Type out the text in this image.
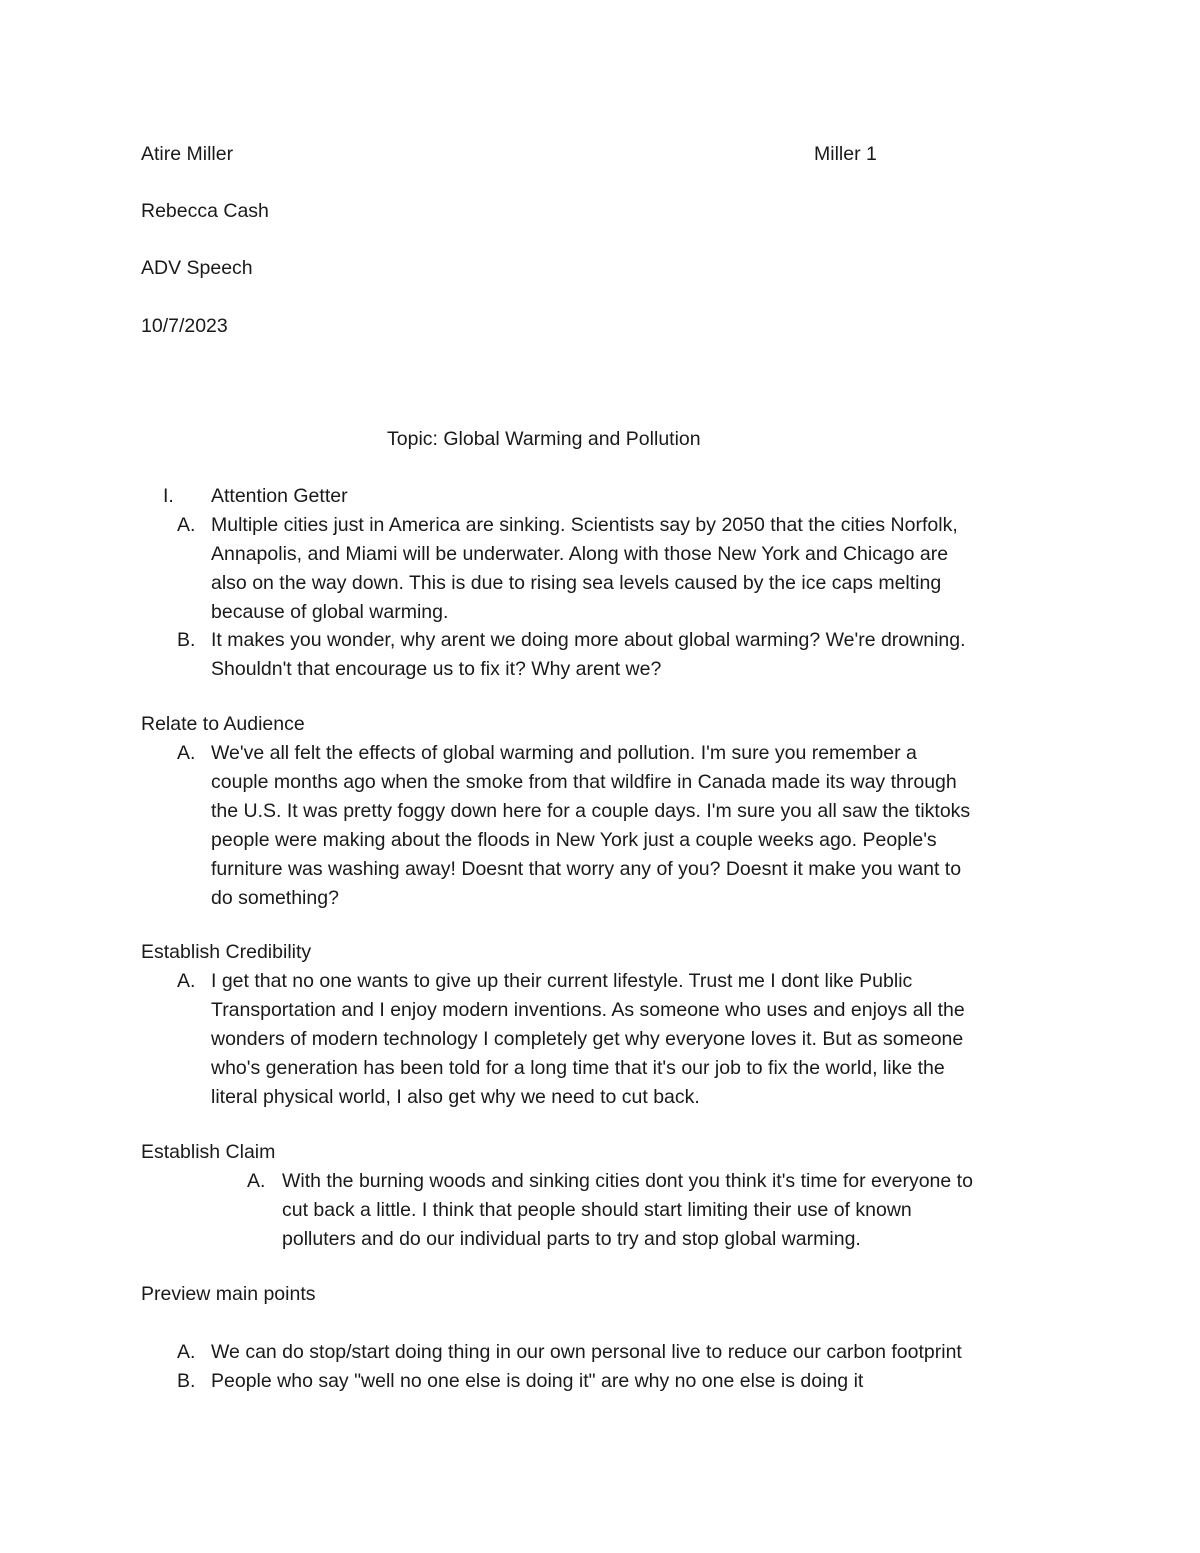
Atire Miller	Miller 1
Rebecca Cash
ADV Speech
10/7/2023
Topic: Global Warming and Pollution
I. Attention Getter
A. Multiple cities just in America are sinking. Scientists say by 2050 that the cities Norfolk,
Annapolis, and Miami will be underwater. Along with those New York and Chicago are
also on the way down. This is due to rising sea levels caused by the ice caps melting
because of global warming.
B. It makes you wonder, why arent we doing more about global warming? We're drowning.
Shouldn't that encourage us to fix it? Why arent we?
Relate to Audience
A. We've all felt the effects of global warming and pollution. I'm sure you remember a
couple months ago when the smoke from that wildfire in Canada made its way through
the U.S. It was pretty foggy down here for a couple days. I'm sure you all saw the tiktoks
people were making about the floods in New York just a couple weeks ago. People's
furniture was washing away! Doesnt that worry any of you? Doesnt it make you want to
do something?
Establish Credibility
A. I get that no one wants to give up their current lifestyle. Trust me I dont like Public
Transportation and I enjoy modern inventions. As someone who uses and enjoys all the
wonders of modern technology I completely get why everyone loves it. But as someone
who's generation has been told for a long time that it's our job to fix the world, like the
literal physical world, I also get why we need to cut back.
Establish Claim
A. With the burning woods and sinking cities dont you think it's time for everyone to
cut back a little. I think that people should start limiting their use of known
polluters and do our individual parts to try and stop global warming.
Preview main points
A. We can do stop/start doing thing in our own personal live to reduce our carbon footprint
B. People who say "well no one else is doing it" are why no one else is doing it
